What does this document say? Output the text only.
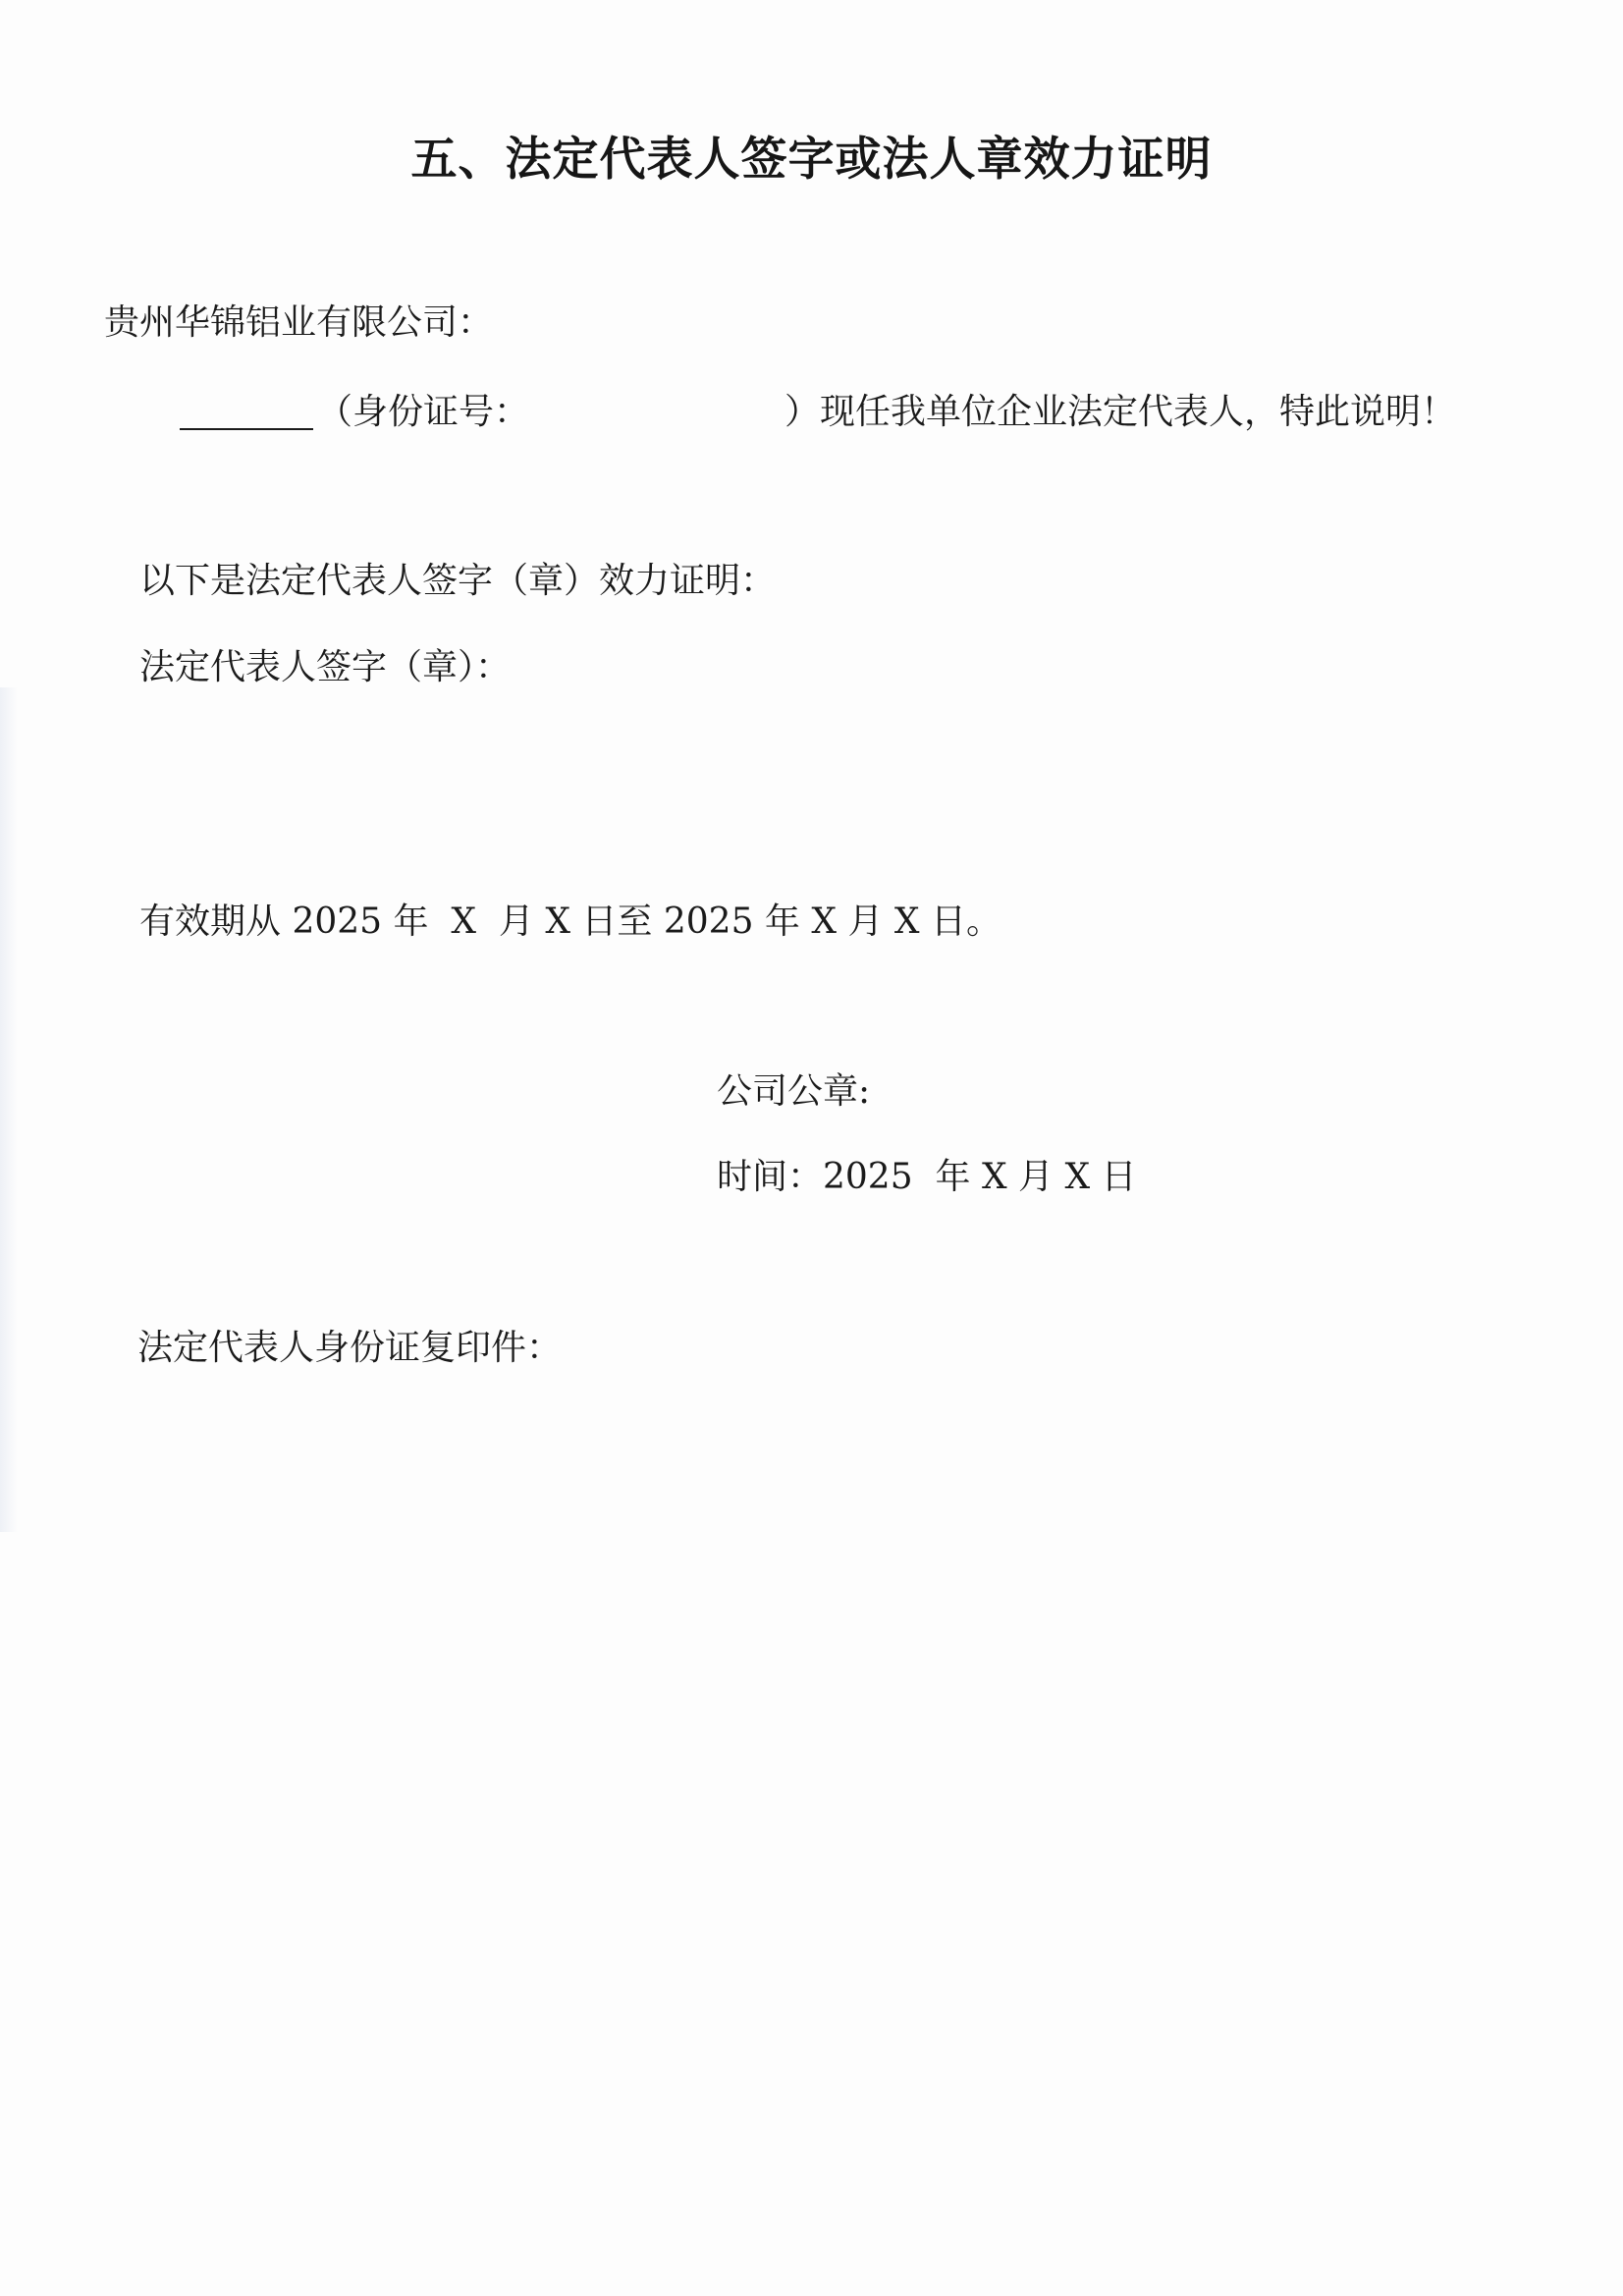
五、法定代表人签字或法人章效力证明
贵州华锦铝业有限公司：
（身份证号：	）现任我单位企业法定代表人，特此说明！
以下是法定代表人签字（章）效力证明：
法定代表人签字（章）：
有效期从 2025 年  X  月 X 日至 2025 年 X 月 X 日。
公司公章:
时间：2025  年 X 月 X 日
法定代表人身份证复印件：
